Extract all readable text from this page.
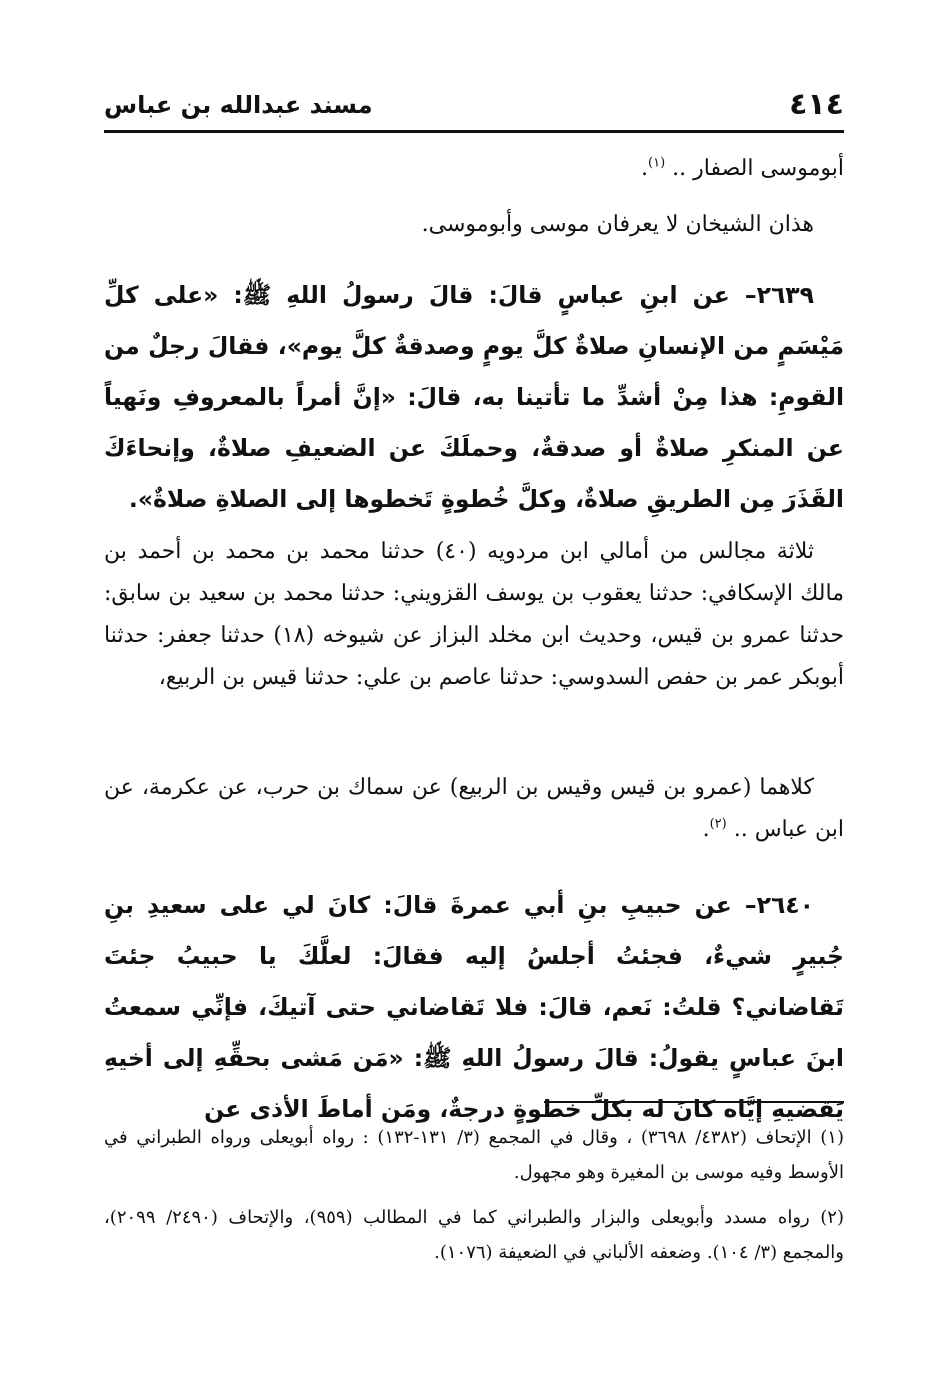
٤١٤
مسند عبدالله بن عباس

أبوموسى الصفار .. $^{(١)}$.

هذان الشيخان لا يعرفان موسى وأبوموسى.

٢٦٣٩– عن ابنِ عباسٍ قالَ: قالَ رسولُ اللهِ ﷺ: «على كلِّ مَيْسَمٍ من الإنسانِ صلاةٌ كلَّ يومٍ وصدقةٌ كلَّ يوم»، فقالَ رجلٌ من القومِ: هذا مِنْ أشدِّ ما تأتينا به، قالَ: «إنَّ أمراً بالمعروفِ ونَهياً عن المنكرِ صلاةٌ أو صدقةٌ، وحملَكَ عن الضعيفِ صلاةٌ، وإنحاءَكَ القَذَرَ مِن الطريقِ صلاةٌ، وكلَّ خُطوةٍ تَخطوها إلى الصلاةِ صلاةٌ».

ثلاثة مجالس من أمالي ابن مردويه (٤٠) حدثنا محمد بن محمد بن أحمد بن مالك الإسكافي: حدثنا يعقوب بن يوسف القزويني: حدثنا محمد بن سعيد بن سابق: حدثنا عمرو بن قيس، وحديث ابن مخلد البزاز عن شيوخه (١٨) حدثنا جعفر: حدثنا أبوبكر عمر بن حفص السدوسي: حدثنا عاصم بن علي: حدثنا قيس بن الربيع،

كلاهما (عمرو بن قيس وقيس بن الربيع) عن سماك بن حرب، عن عكرمة، عن ابن عباس .. $^{(٢)}$.

٢٦٤٠– عن حبيبِ بنِ أبي عمرةَ قالَ: كانَ لي على سعيدِ بنِ جُبيرٍ شيءٌ، فجئتُ أجلسُ إليه فقالَ: لعلَّكَ يا حبيبُ جئتَ تَقاضاني؟ قلتُ: نَعم، قالَ: فلا تَقاضاني حتى آتيكَ، فإنِّي سمعتُ ابنَ عباسٍ يقولُ: قالَ رسولُ اللهِ ﷺ: «مَن مَشى بحقِّهِ إلى أخيهِ يَقضيهِ إيَّاه كانَ له بكلِّ خطوةٍ درجةٌ، ومَن أماطَ الأذى عن

(١) الإتحاف (٤٣٨٢/ ٣٦٩٨) ، وقال في المجمع (٣/ ١٣١-١٣٢) : رواه أبويعلى ورواه الطبراني في الأوسط وفيه موسى بن المغيرة وهو مجهول.

(٢) رواه مسدد وأبويعلى والبزار والطبراني كما في المطالب (٩٥٩)، والإتحاف (٢٤٩٠/ ٢٠٩٩)، والمجمع (٣/ ١٠٤). وضعفه الألباني في الضعيفة (١٠٧٦).
